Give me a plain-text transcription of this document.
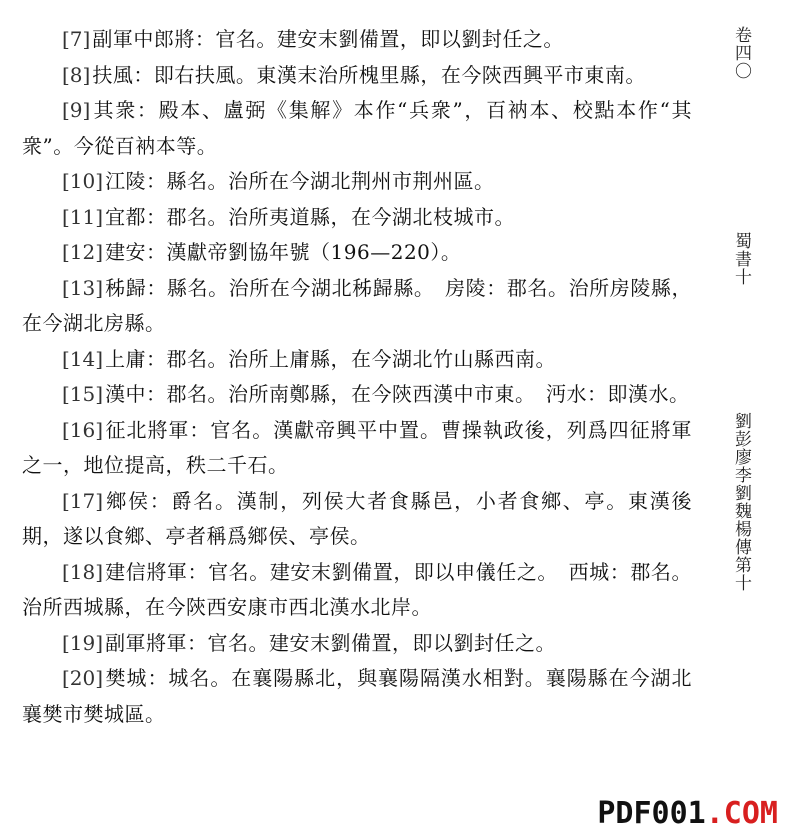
[7] 副軍中郎將：官名。建安末劉備置，即以劉封任之。

[8] 扶風：即右扶風。東漢末治所槐里縣，在今陝西興平市東南。

[9] 其衆：殿本、盧弼《集解》本作“兵衆”，百衲本、校點本作“其衆”。今從百衲本等。

[10] 江陵：縣名。治所在今湖北荆州市荆州區。

[11] 宜都：郡名。治所夷道縣，在今湖北枝城市。

[12] 建安：漢獻帝劉協年號（196—220）。

[13] 秭歸：縣名。治所在今湖北秭歸縣。　房陵：郡名。治所房陵縣，在今湖北房縣。

[14] 上庸：郡名。治所上庸縣，在今湖北竹山縣西南。

[15] 漢中：郡名。治所南鄭縣，在今陝西漢中市東。　沔水：即漢水。

[16] 征北將軍：官名。漢獻帝興平中置。曹操執政後，列爲四征將軍之一，地位提高，秩二千石。

[17] 鄉侯：爵名。漢制，列侯大者食縣邑，小者食鄉、亭。東漢後期，遂以食鄉、亭者稱爲鄉侯、亭侯。

[18] 建信將軍：官名。建安末劉備置，即以申儀任之。　西城：郡名。治所西城縣，在今陝西安康市西北漢水北岸。

[19] 副軍將軍：官名。建安末劉備置，即以劉封任之。

[20] 樊城：城名。在襄陽縣北，與襄陽隔漢水相對。襄陽縣在今湖北襄樊市樊城區。

卷四〇
蜀書十
劉彭廖李劉魏楊傳第十
PDF001.COM
